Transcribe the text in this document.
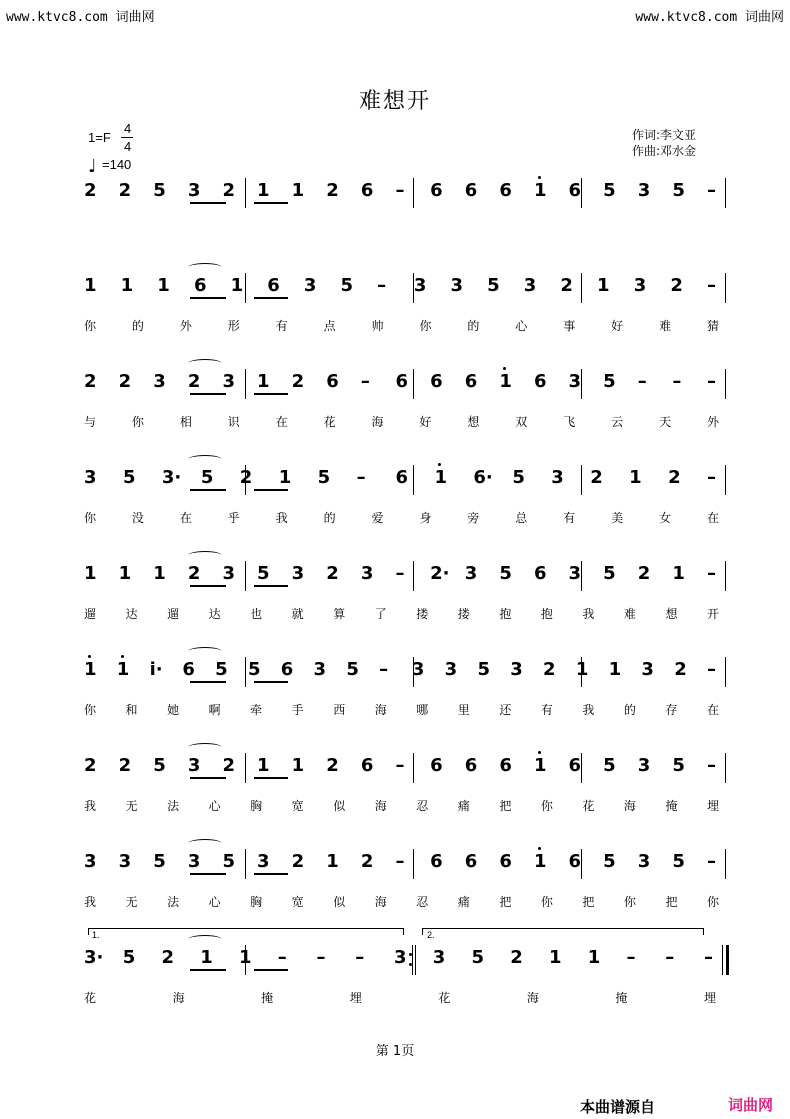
www.ktvc8.com 词曲网	www.ktvc8.com 词曲网
难想开
1=F
4
4
♩ =140
作词:李文亚
作曲:邓水金
2 2 5 3 2 1 1 2 6 – 6 6 6 1 6 5 3 5 –
1 1 1 6 1 6 3 5 – 3 3 5 3 2 1 3 2 –
你	的	外	形	有	点	帅	你	的	心	事	好	难	猜
2 2 3 2 3 1 2 6 – 6 6 6 1 6 3 5 – – –
与	你	相	识	在	花	海	好	想	双	飞	云	天	外
3 5 3· 5 2 1 5 – 6 1 6· 5 3 2 1 2 –
你	没	在	乎	我	的	爱	身	旁	总	有	美	女	在
1 1 1 2 3 5 3 2 3 – 2· 3 5 6 3 5 2 1 –
遛 达 遛 达 也 就 算 了 搂 搂 抱 抱 我 难 想 开
1 1 i· 6 5 5 6 3 5 – 3 3 5 3 2 1 1 3 2 –
你 和 她 啊 牵 手 西 海 哪 里 还 有 我 的 存 在
2 2 5 3 2 1 1 2 6 – 6 6 6 1 6 5 3 5 –
我 无 法 心 胸 宽 似 海 忍 痛 把 你 花 海 掩 埋
3 3 5 3 5 3 2 1 2 – 6 6 6 1 6 5 3 5 –
我 无 法 心 胸 宽 似 海 忍 痛 把 你 把 你 把 你
3· 5 2 1 1 – – – 3 3 5 2 1 1 – – –
花	海	掩	埋	花	海	掩	埋
1.	2.
第 1页
本曲谱源自	词曲网
